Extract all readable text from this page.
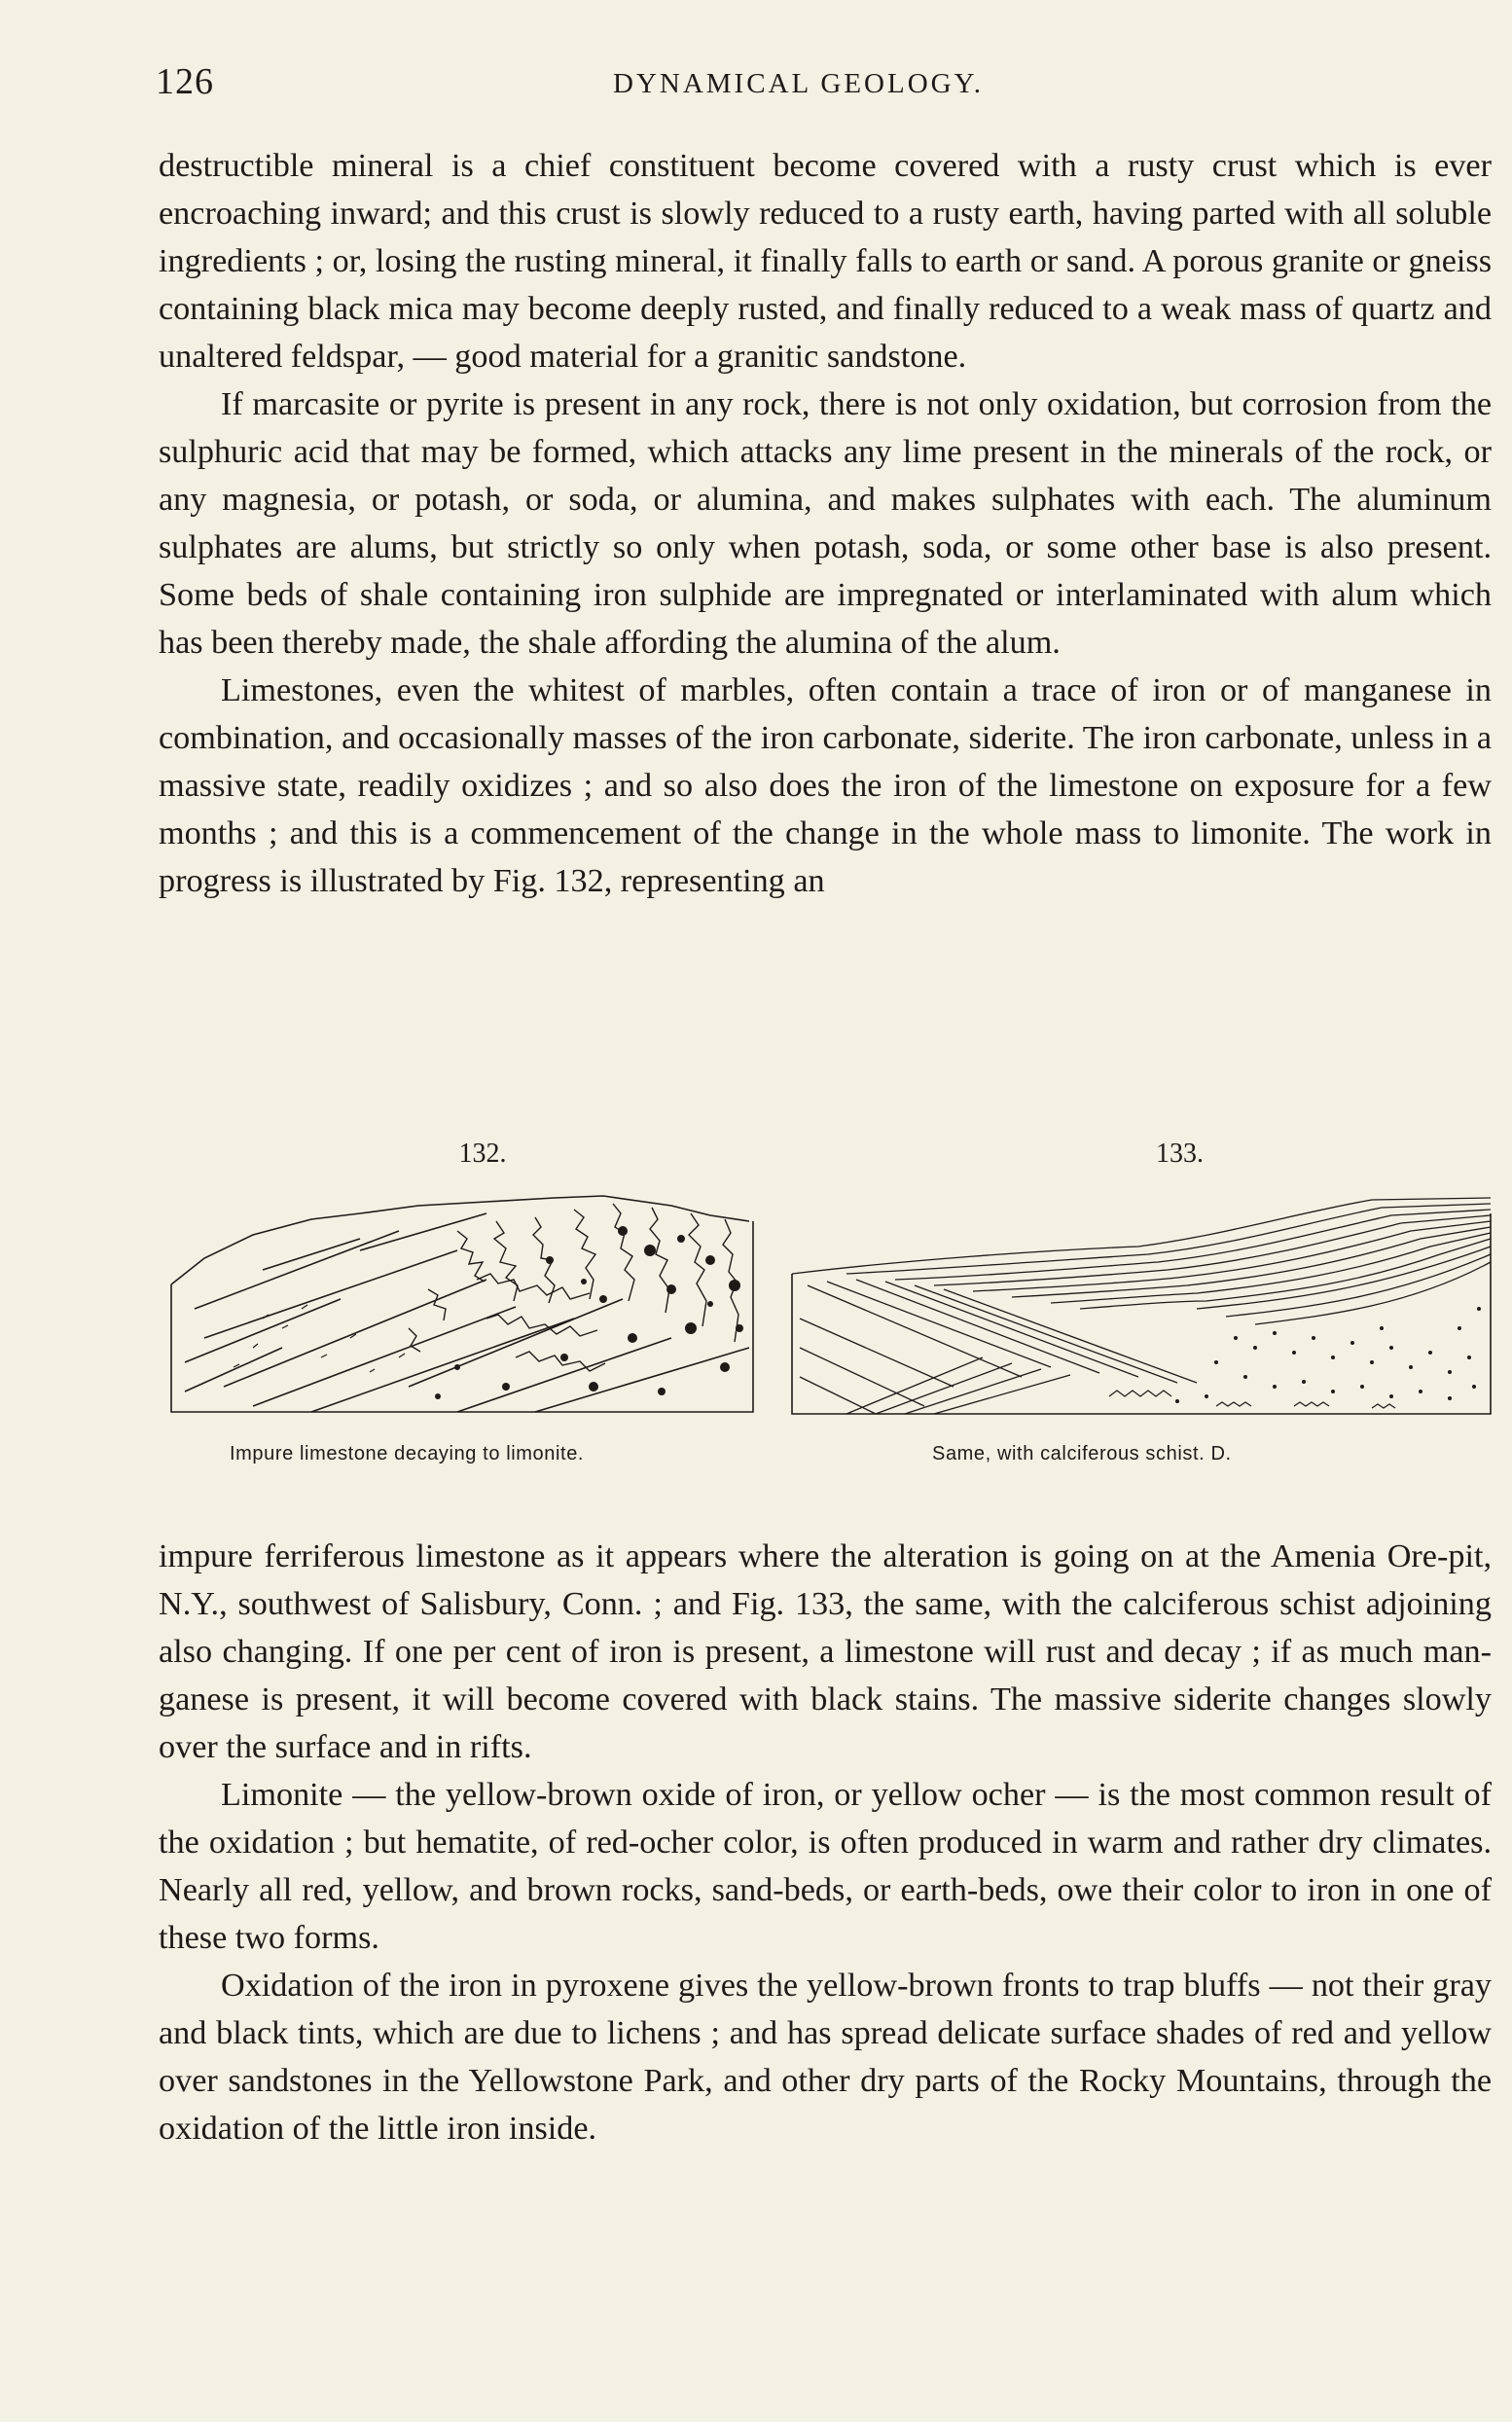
126	DYNAMICAL GEOLOGY.

destructible mineral is a chief constituent become covered with a rusty crust which is ever encroaching inward; and this crust is slowly reduced to a rusty earth, having parted with all soluble ingredients ; or, losing the rusting mineral, it finally falls to earth or sand. A porous granite or gneiss containing black mica may become deeply rusted, and finally reduced to a weak mass of quartz and unaltered feldspar, — good material for a granitic sandstone.

If marcasite or pyrite is present in any rock, there is not only oxidation, but corrosion from the sulphuric acid that may be formed, which attacks any lime present in the minerals of the rock, or any magnesia, or potash, or soda, or alumina, and makes sulphates with each. The aluminum sulphates are alums, but strictly so only when potash, soda, or some other base is also present. Some beds of shale containing iron sulphide are impregnated or interlaminated with alum which has been thereby made, the shale affording the alumina of the alum.

Limestones, even the whitest of marbles, often contain a trace of iron or of manganese in combination, and occasionally masses of the iron carbonate, siderite. The iron carbonate, unless in a massive state, readily oxidizes ; and so also does the iron of the limestone on exposure for a few months ; and this is a commencement of the change in the whole mass to limonite. The work in progress is illustrated by Fig. 132, representing an

132.
Impure limestone decaying to limonite.
133.
Same, with calciferous schist. D.

impure ferriferous limestone as it appears where the alteration is going on at the Amenia Ore-pit, N.Y., southwest of Salisbury, Conn. ; and Fig. 133, the same, with the calciferous schist adjoining also changing. If one per cent of iron is present, a limestone will rust and decay ; if as much manganese is present, it will become covered with black stains. The massive siderite changes slowly over the surface and in rifts.

Limonite — the yellow-brown oxide of iron, or yellow ocher — is the most common result of the oxidation ; but hematite, of red-ocher color, is often produced in warm and rather dry climates. Nearly all red, yellow, and brown rocks, sand-beds, or earth-beds, owe their color to iron in one of these two forms.

Oxidation of the iron in pyroxene gives the yellow-brown fronts to trap bluffs — not their gray and black tints, which are due to lichens ; and has spread delicate surface shades of red and yellow over sandstones in the Yellowstone Park, and other dry parts of the Rocky Mountains, through the oxidation of the little iron inside.
